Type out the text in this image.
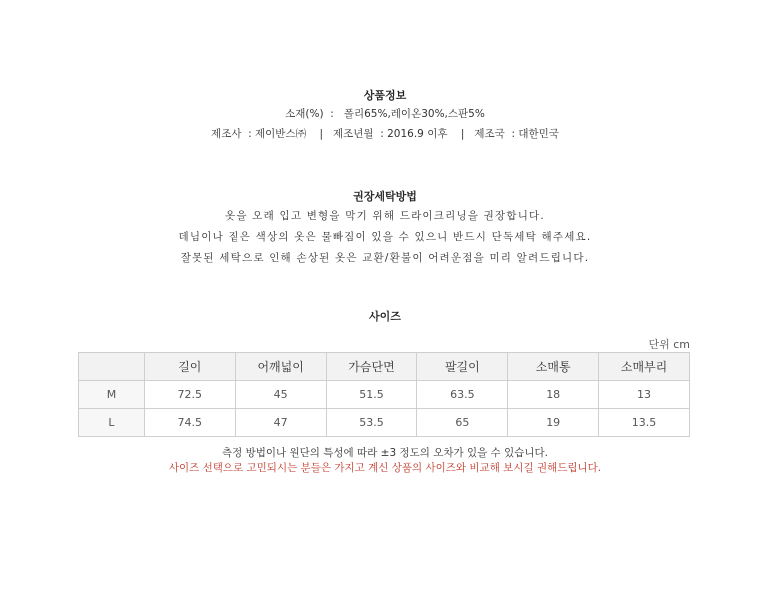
상품정보
소재(%)  :   폴리65%,레이온30%,스판5%
제조사  : 제이반스㈜    |   제조년월  : 2016.9 이후    |   제조국  : 대한민국
권장세탁방법
옷을 오래 입고 변형을 막기 위해 드라이크리닝을 권장합니다.
데님이나 짙은 색상의 옷은 물빠짐이 있을 수 있으니 반드시 단독세탁 해주세요.
잘못된 세탁으로 인해 손상된 옷은 교환/환불이 어려운점을 미리 알려드립니다.
사이즈
단위 cm
	길이	어깨넓이	가슴단면	팔길이	소매통	소매부리
M	72.5	45	51.5	63.5	18	13
L	74.5	47	53.5	65	19	13.5
측정 방법이나 원단의 특성에 따라 ±3 정도의 오차가 있을 수 있습니다.
사이즈 선택으로 고민되시는 분들은 가지고 계신 상품의 사이즈와 비교해 보시길 권해드립니다.
